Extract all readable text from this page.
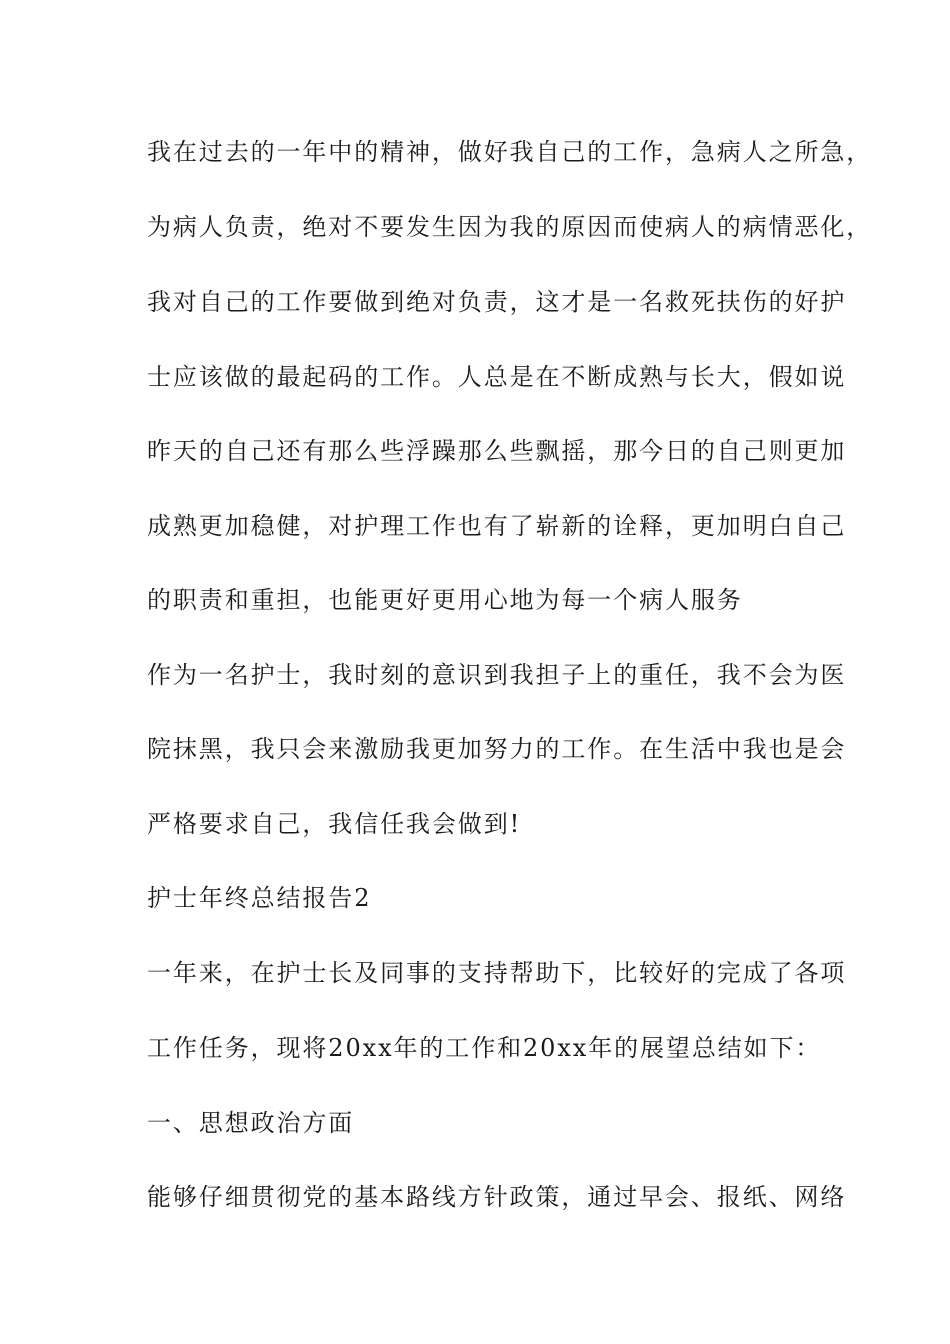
我在过去的一年中的精神，做好我自己的工作，急病人之所急，
为病人负责，绝对不要发生因为我的原因而使病人的病情恶化，
我对自己的工作要做到绝对负责，这才是一名救死扶伤的好护
士应该做的最起码的工作。人总是在不断成熟与长大，假如说
昨天的自己还有那么些浮躁那么些飘摇，那今日的自己则更加
成熟更加稳健，对护理工作也有了崭新的诠释，更加明白自己
的职责和重担，也能更好更用心地为每一个病人服务
作为一名护士，我时刻的意识到我担子上的重任，我不会为医
院抹黑，我只会来激励我更加努力的工作。在生活中我也是会
严格要求自己，我信任我会做到!
护士年终总结报告2
一年来，在护士长及同事的支持帮助下，比较好的完成了各项
工作任务，现将20xx年的工作和20xx年的展望总结如下：
一、思想政治方面
能够仔细贯彻党的基本路线方针政策，通过早会、报纸、网络
